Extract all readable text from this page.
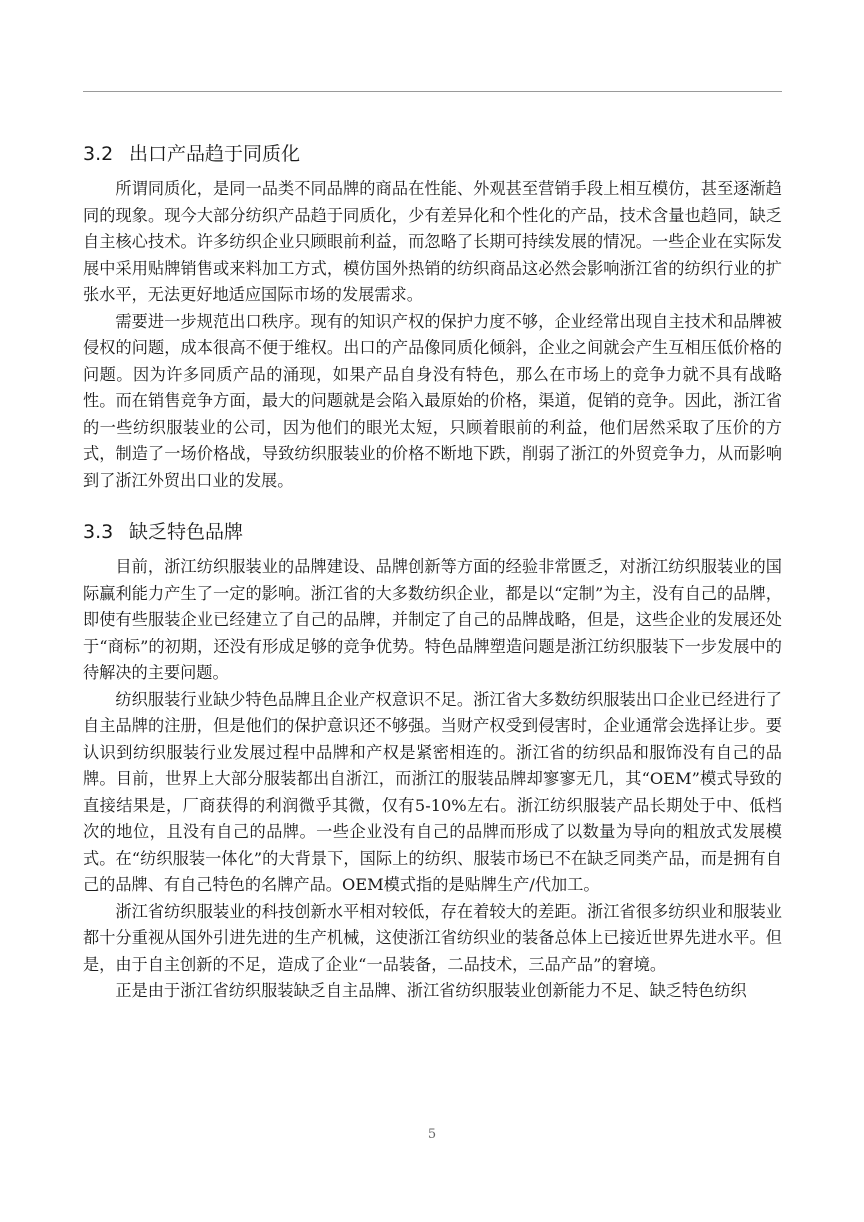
3.2 出口产品趋于同质化

所谓同质化，是同一品类不同品牌的商品在性能、外观甚至营销手段上相互模仿，甚至逐渐趋同的现象。现今大部分纺织产品趋于同质化，少有差异化和个性化的产品，技术含量也趋同，缺乏自主核心技术。许多纺织企业只顾眼前利益，而忽略了长期可持续发展的情况。一些企业在实际发展中采用贴牌销售或来料加工方式，模仿国外热销的纺织商品这必然会影响浙江省的纺织行业的扩张水平，无法更好地适应国际市场的发展需求。

需要进一步规范出口秩序。现有的知识产权的保护力度不够，企业经常出现自主技术和品牌被侵权的问题，成本很高不便于维权。出口的产品像同质化倾斜，企业之间就会产生互相压低价格的问题。因为许多同质产品的涌现，如果产品自身没有特色，那么在市场上的竞争力就不具有战略性。而在销售竞争方面，最大的问题就是会陷入最原始的价格，渠道，促销的竞争。因此，浙江省的一些纺织服装业的公司，因为他们的眼光太短，只顾着眼前的利益，他们居然采取了压价的方式，制造了一场价格战，导致纺织服装业的价格不断地下跌，削弱了浙江的外贸竞争力，从而影响到了浙江外贸出口业的发展。

3.3 缺乏特色品牌

目前，浙江纺织服装业的品牌建设、品牌创新等方面的经验非常匮乏，对浙江纺织服装业的国际赢利能力产生了一定的影响。浙江省的大多数纺织企业，都是以“定制”为主，没有自己的品牌，即使有些服装企业已经建立了自己的品牌，并制定了自己的品牌战略，但是，这些企业的发展还处于“商标”的初期，还没有形成足够的竞争优势。特色品牌塑造问题是浙江纺织服装下一步发展中的待解决的主要问题。

纺织服装行业缺少特色品牌且企业产权意识不足。浙江省大多数纺织服装出口企业已经进行了自主品牌的注册，但是他们的保护意识还不够强。当财产权受到侵害时，企业通常会选择让步。要认识到纺织服装行业发展过程中品牌和产权是紧密相连的。浙江省的纺织品和服饰没有自己的品牌。目前，世界上大部分服装都出自浙江，而浙江的服装品牌却寥寥无几，其“OEM”模式导致的直接结果是，厂商获得的利润微乎其微，仅有5-10%左右。浙江纺织服装产品长期处于中、低档次的地位，且没有自己的品牌。一些企业没有自己的品牌而形成了以数量为导向的粗放式发展模式。在“纺织服装一体化”的大背景下，国际上的纺织、服装市场已不在缺乏同类产品，而是拥有自己的品牌、有自己特色的名牌产品。OEM模式指的是贴牌生产/代加工。

浙江省纺织服装业的科技创新水平相对较低，存在着较大的差距。浙江省很多纺织业和服装业都十分重视从国外引进先进的生产机械，这使浙江省纺织业的装备总体上已接近世界先进水平。但是，由于自主创新的不足，造成了企业“一品装备，二品技术，三品产品”的窘境。

正是由于浙江省纺织服装缺乏自主品牌、浙江省纺织服装业创新能力不足、缺乏特色纺织

5
